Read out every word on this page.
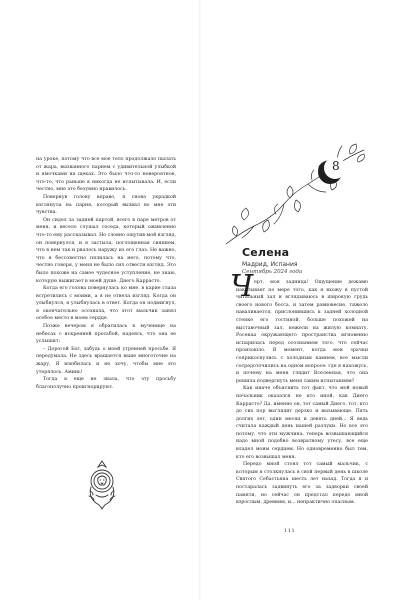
на уроке, потому что все мое тело продолжало пылать от жара, вызванного парнем с удивительной улыбкой и ямочками на щеках. Это было что-то невероятное, что-то, что раньше я никогда не испытывала. И, если честно, мне это безумно нравилось.

Повернув голову вправо, я снова украдкой взглянула на парня, который вызвал во мне эти чувства.

Он сидел за задней партой, всего в паре метров от меня, и весело слушал соседа, который оживленно что-то ему рассказывал. Но словно ощутив мой взгляд, он повернулся, и я застыла, поглощенная сиянием, что в нем так и рвалось наружу из его глаз. Не важно, что я бессовестно пялилась на него, потому что, честно говоря, у меня не было сил отвести взгляд. Это было похоже на самое чудесное уступление, не знаю, которую выжигает в моей душе. Диего Каррасто.

Когда его голова повернулась ко мне, в карие глаза встретились с моими, а я не отвела взгляд. Когда он улыбнулся, я улыбнулась в ответ. Когда он подмигнул, я окончательно осознала, что этот мальчик занял особое место в моем сердце.

Позже вечером я обратилась к мученице на небесах с искренней просьбой, надеясь, что она ее услышит:

– Дорогой Бог, забудь о моей утренней просьбе. Я передумала. Не здесь вращается ваше многоточие на жару, Я влюбилась и не хочу, чтобы мне это утерялось. Аминь!

Тогда я еще не знала, что эту просьбу благополучно проигнорируют.

8
Селена
Мадрид, Испания
Сентябрь 2024 года
Ч ерт, моя задница! Ощущение дежавю накатывает по мере того, как я вхожу в пустой читальный зал и вглядываюсь в широкую грудь своего нового босса, и затем равновесие, тяжело наваливается, прислонившись к задней холодной стенке его гостиной, больше похожей на выставочный зал, нежели на жилую комнату. Росекаа окружающего пространства мгновенно испарилась перед осознанием того, что сейчас произошло. В момент, когда мои зрачки соприкоснулись с холодным камнем, все мысли сосредоточились на одном вопросе: где я нахожусь, и почему на меня глядит Вселенная, что она решила подвергнуть меня таким испытаниям?

Как иначе объяснить тот факт, что мой новый начальник оказался не кто иной, как Диего Каррасто? Да, именно он, тот самый Диего, тот, кто до сих пор выглядит дерзко и вызывающе. Пять долгих лет, один месяц и девять дней... Я ведь считала каждый день нашей разлуки. Но все это потому, что эти мужчина, теперь возвышающийся надо мной подобно возвратному утесу, все еще владел моим сердцем. Но одновременно был тем, кто его возвышал меня.

Передо мной стоял тот самый мальчик, с которым я столкнулась в свой первый день в школе Святого Себастьяна шесть лет назад. Тогда я и постаралась задвинуть его за задворки своей памяти, но сейчас он предстал передо мной взрослым, древним, и... непрактично опасным.

111
